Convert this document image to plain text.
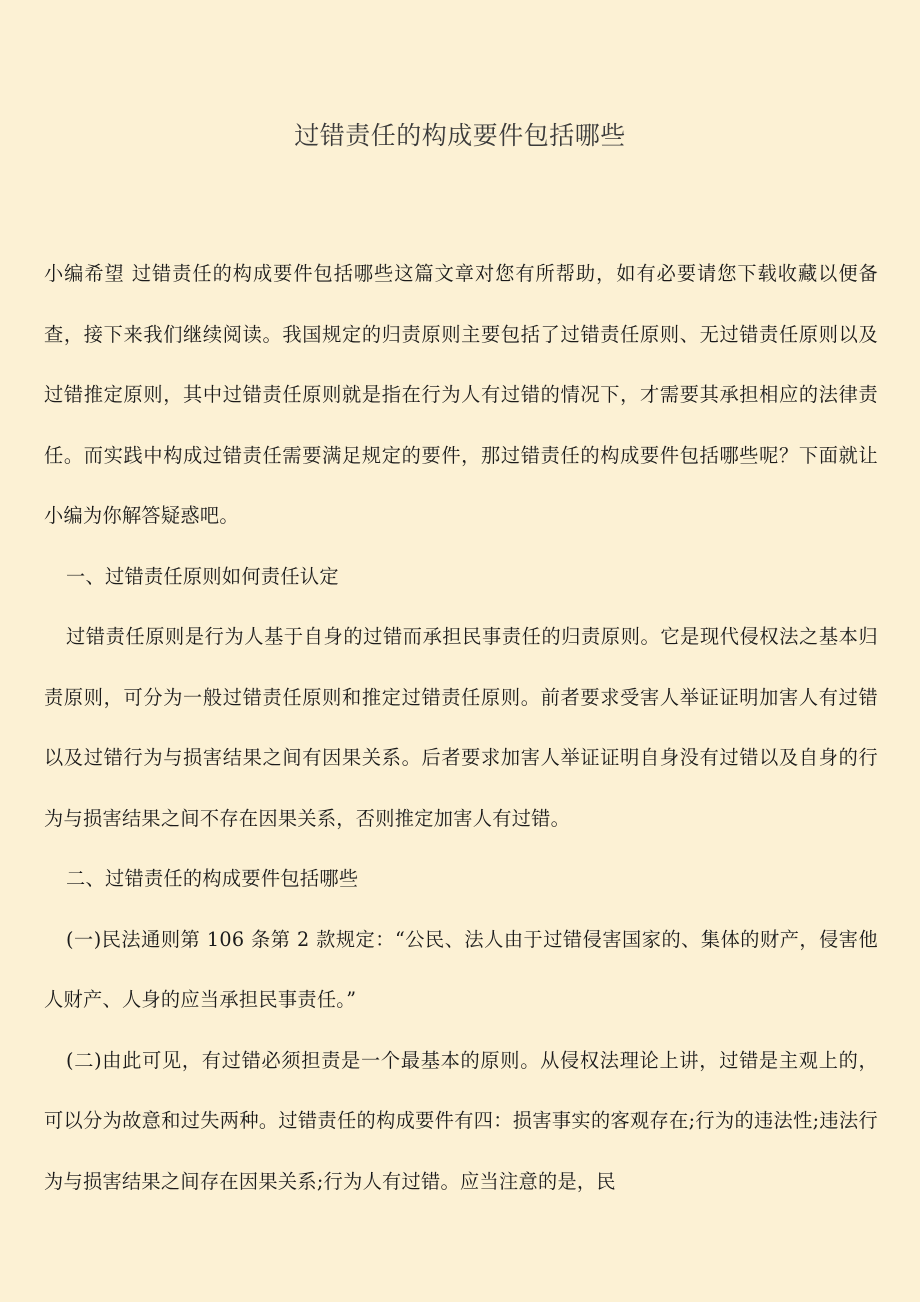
过错责任的构成要件包括哪些

小编希望 过错责任的构成要件包括哪些这篇文章对您有所帮助，如有必要请您下载收藏以便备查，接下来我们继续阅读。我国规定的归责原则主要包括了过错责任原则、无过错责任原则以及过错推定原则，其中过错责任原则就是指在行为人有过错的情况下，才需要其承担相应的法律责任。而实践中构成过错责任需要满足规定的要件，那过错责任的构成要件包括哪些呢？下面就让小编为你解答疑惑吧。

一、过错责任原则如何责任认定

过错责任原则是行为人基于自身的过错而承担民事责任的归责原则。它是现代侵权法之基本归责原则，可分为一般过错责任原则和推定过错责任原则。前者要求受害人举证证明加害人有过错以及过错行为与损害结果之间有因果关系。后者要求加害人举证证明自身没有过错以及自身的行为与损害结果之间不存在因果关系，否则推定加害人有过错。

二、过错责任的构成要件包括哪些

(一)民法通则第 106 条第 2 款规定：“公民、法人由于过错侵害国家的、集体的财产，侵害他人财产、人身的应当承担民事责任。”

(二)由此可见，有过错必须担责是一个最基本的原则。从侵权法理论上讲，过错是主观上的，可以分为故意和过失两种。过错责任的构成要件有四：损害事实的客观存在;行为的违法性;违法行为与损害结果之间存在因果关系;行为人有过错。应当注意的是，民
